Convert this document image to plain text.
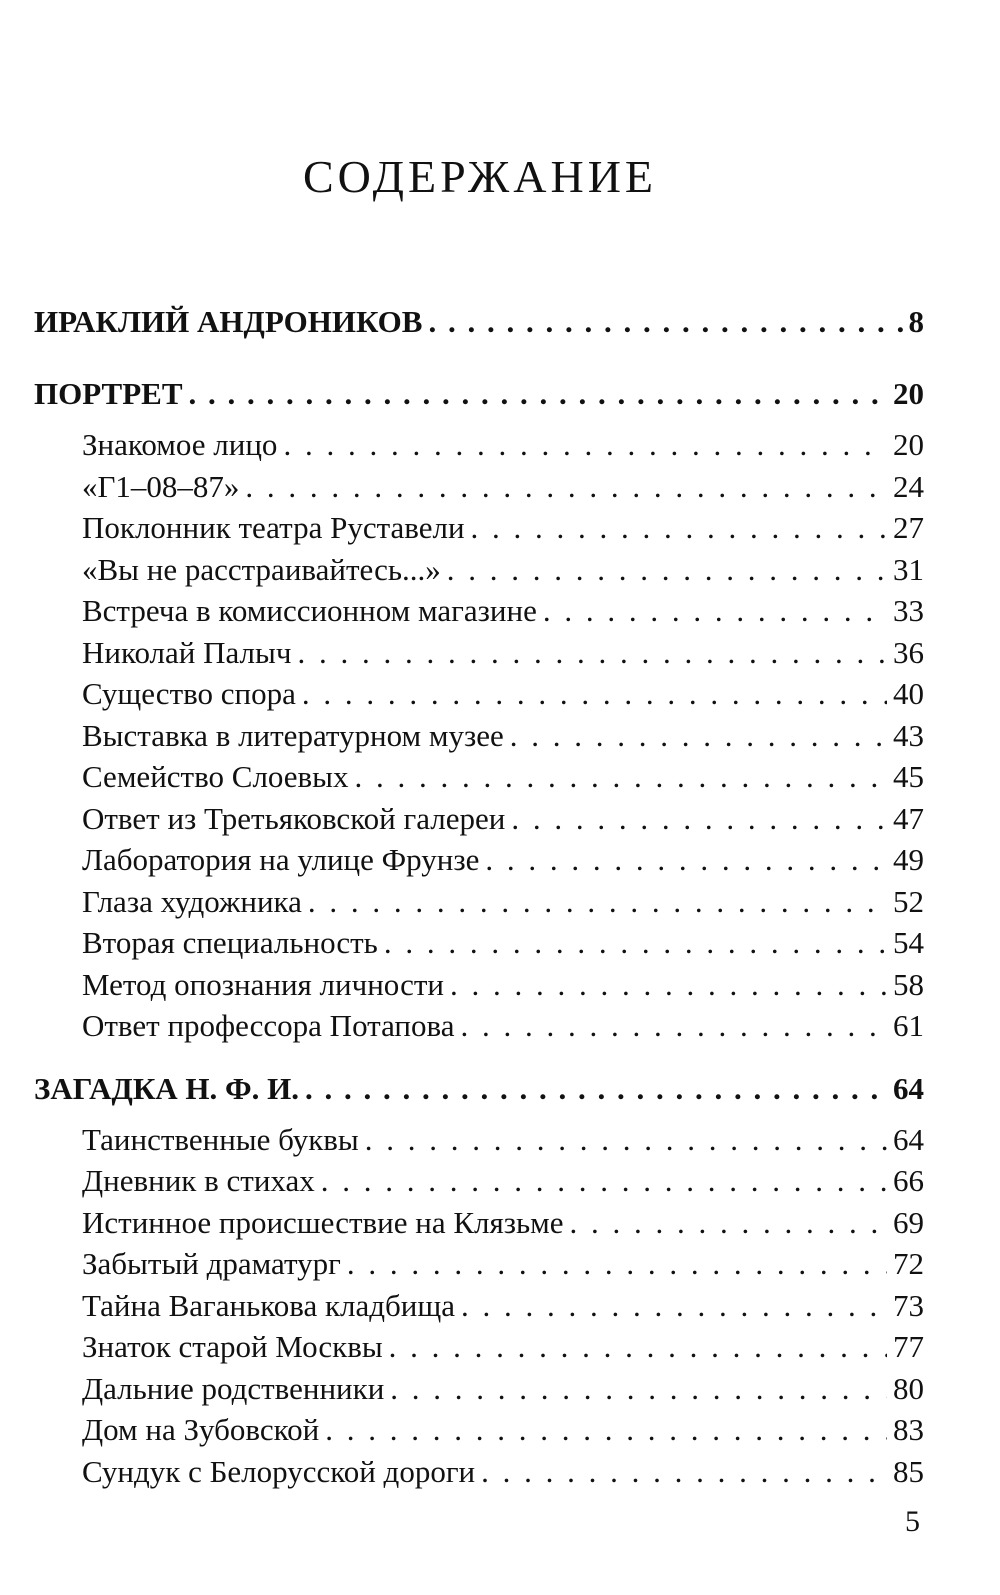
СОДЕРЖАНИЕ
ИРАКЛИЙ АНДРОНИКОВ . . .	8
ПОРТРЕТ . . .	20
Знакомое лицо . . .	20
«Г1–08–87» . . .	24
Поклонник театра Руставели . . .	27
«Вы не расстраивайтесь...» . . .	31
Встреча в комиссионном магазине . . .	33
Николай Палыч . . .	36
Существо спора . . .	40
Выставка в литературном музее . . .	43
Семейство Слоевых . . .	45
Ответ из Третьяковской галереи . . .	47
Лаборатория на улице Фрунзе . . .	49
Глаза художника . . .	52
Вторая специальность . . .	54
Метод опознания личности . . .	58
Ответ профессора Потапова . . .	61
ЗАГАДКА Н. Ф. И. . . .	64
Таинственные буквы . . .	64
Дневник в стихах . . .	66
Истинное происшествие на Клязьме . . .	69
Забытый драматург . . .	72
Тайна Ваганькова кладбища . . .	73
Знаток старой Москвы . . .	77
Дальние родственники . . .	80
Дом на Зубовской . . .	83
Сундук с Белорусской дороги . . .	85
5
